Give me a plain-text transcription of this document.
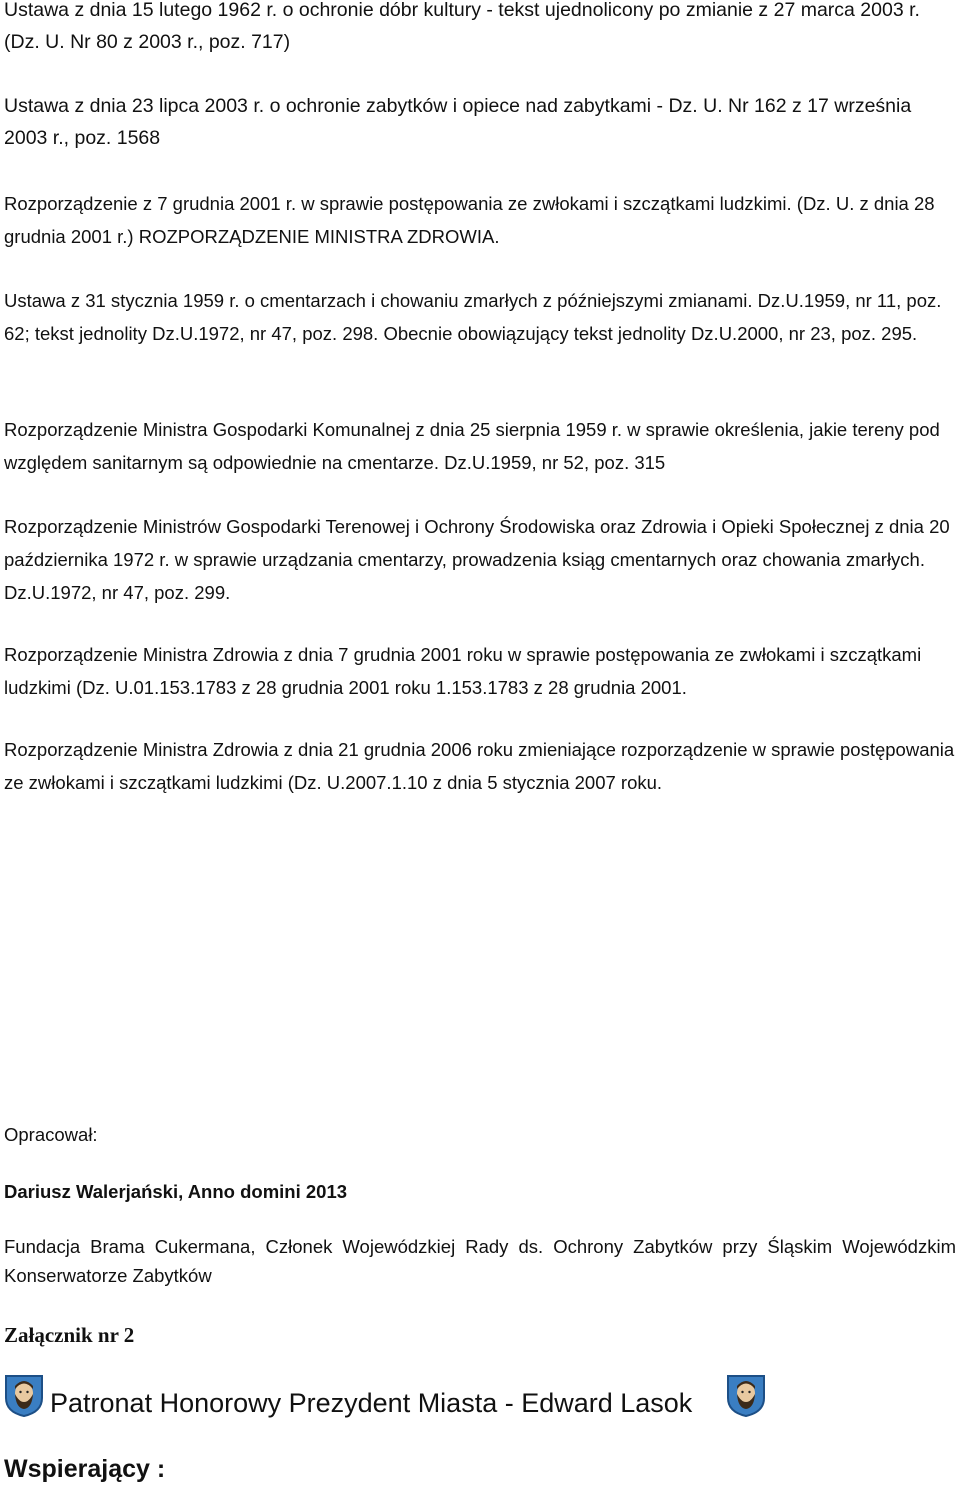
Ustawa z dnia 15 lutego 1962 r. o ochronie dóbr kultury - tekst ujednolicony po zmianie z 27 marca 2003 r. (Dz. U. Nr 80 z 2003 r., poz. 717)

Ustawa z dnia 23 lipca 2003 r. o ochronie zabytków i opiece nad zabytkami - Dz. U. Nr 162 z 17 września 2003 r., poz. 1568

Rozporządzenie z 7 grudnia 2001 r. w sprawie postępowania ze zwłokami i szczątkami ludzkimi. (Dz. U. z dnia 28 grudnia 2001 r.) ROZPORZĄDZENIE MINISTRA ZDROWIA.

Ustawa z 31 stycznia 1959 r. o cmentarzach i chowaniu zmarłych z późniejszymi zmianami. Dz.U.1959, nr 11, poz. 62; tekst jednolity Dz.U.1972, nr 47, poz. 298. Obecnie obowiązujący tekst jednolity Dz.U.2000, nr 23, poz. 295.

Rozporządzenie Ministra Gospodarki Komunalnej z dnia 25 sierpnia 1959 r. w sprawie określenia, jakie tereny pod względem sanitarnym są odpowiednie na cmentarze. Dz.U.1959, nr 52, poz. 315

Rozporządzenie Ministrów Gospodarki Terenowej i Ochrony Środowiska oraz Zdrowia i Opieki Społecznej z dnia 20 października 1972 r. w sprawie urządzania cmentarzy, prowadzenia ksiąg cmentarnych oraz chowania zmarłych. Dz.U.1972, nr 47, poz. 299.

Rozporządzenie Ministra Zdrowia z dnia 7 grudnia 2001 roku w sprawie postępowania ze zwłokami i szczątkami ludzkimi (Dz. U.01.153.1783 z 28 grudnia 2001 roku 1.153.1783 z 28 grudnia 2001.

Rozporządzenie Ministra Zdrowia z dnia 21 grudnia 2006 roku zmieniające rozporządzenie w sprawie postępowania ze zwłokami i szczątkami ludzkimi (Dz. U.2007.1.10 z dnia 5 stycznia 2007 roku.

Opracował:

Dariusz Walerjański, Anno domini 2013

Fundacja Brama Cukermana, Członek Wojewódzkiej Rady ds. Ochrony Zabytków przy Śląskim Wojewódzkim Konserwatorze Zabytków

Załącznik nr 2

Patronat Honorowy Prezydent Miasta - Edward Lasok
Wspierający :
